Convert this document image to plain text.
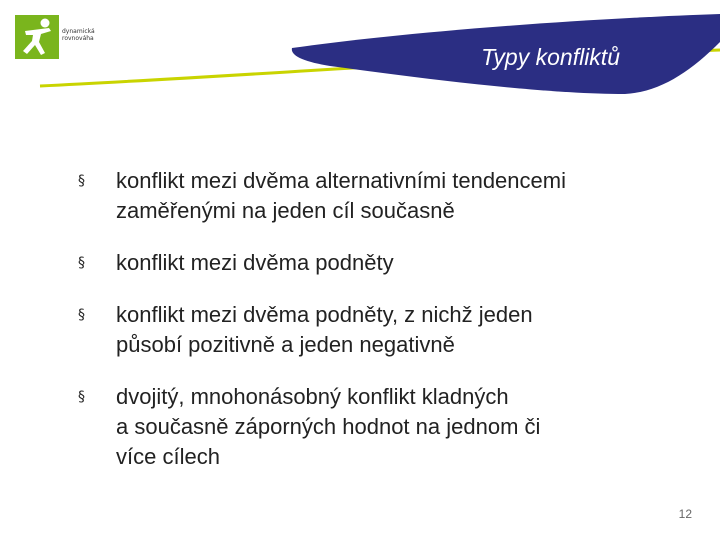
dynamická
rovnováha
Typy konfliktů
§ konflikt mezi dvěma alternativními tendencemi
zaměřenými na jeden cíl současně
§ konflikt mezi dvěma podněty
§ konflikt mezi dvěma podněty, z nichž jeden
působí pozitivně a jeden negativně
§ dvojitý, mnohonásobný konflikt kladných
a současně záporných hodnot na jednom či
více cílech
12
